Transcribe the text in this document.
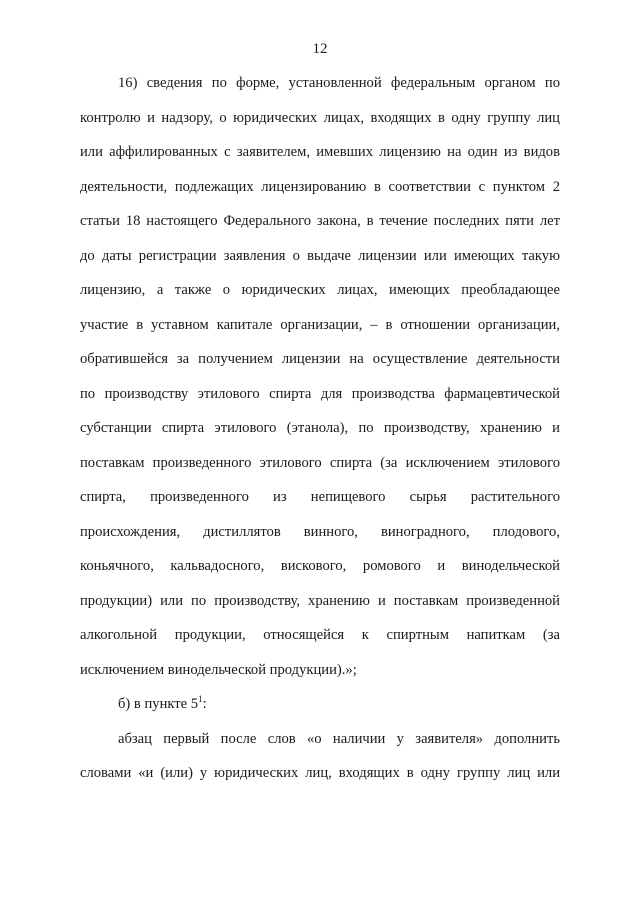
12
16) сведения по форме, установленной федеральным органом по
контролю и надзору, о юридических лицах, входящих в одну группу лиц
или аффилированных с заявителем, имевших лицензию на один из видов
деятельности, подлежащих лицензированию в соответствии с пунктом 2
статьи 18 настоящего Федерального закона, в течение последних пяти лет
до даты регистрации заявления о выдаче лицензии или имеющих такую
лицензию, а также о юридических лицах, имеющих преобладающее
участие в уставном капитале организации, – в отношении организации,
обратившейся за получением лицензии на осуществление деятельности
по производству этилового спирта для производства фармацевтической
субстанции спирта этилового (этанола), по производству, хранению и
поставкам произведенного этилового спирта (за исключением этилового
спирта, произведенного из непищевого сырья растительного
происхождения, дистиллятов винного, виноградного, плодового,
коньячного, кальвадосного, вискового, ромового и винодельческой
продукции) или по производству, хранению и поставкам произведенной
алкогольной продукции, относящейся к спиртным напиткам (за
исключением винодельческой продукции).»;
б) в пункте $5^1$:
абзац первый после слов «о наличии у заявителя» дополнить
словами «и (или) у юридических лиц, входящих в одну группу лиц или
